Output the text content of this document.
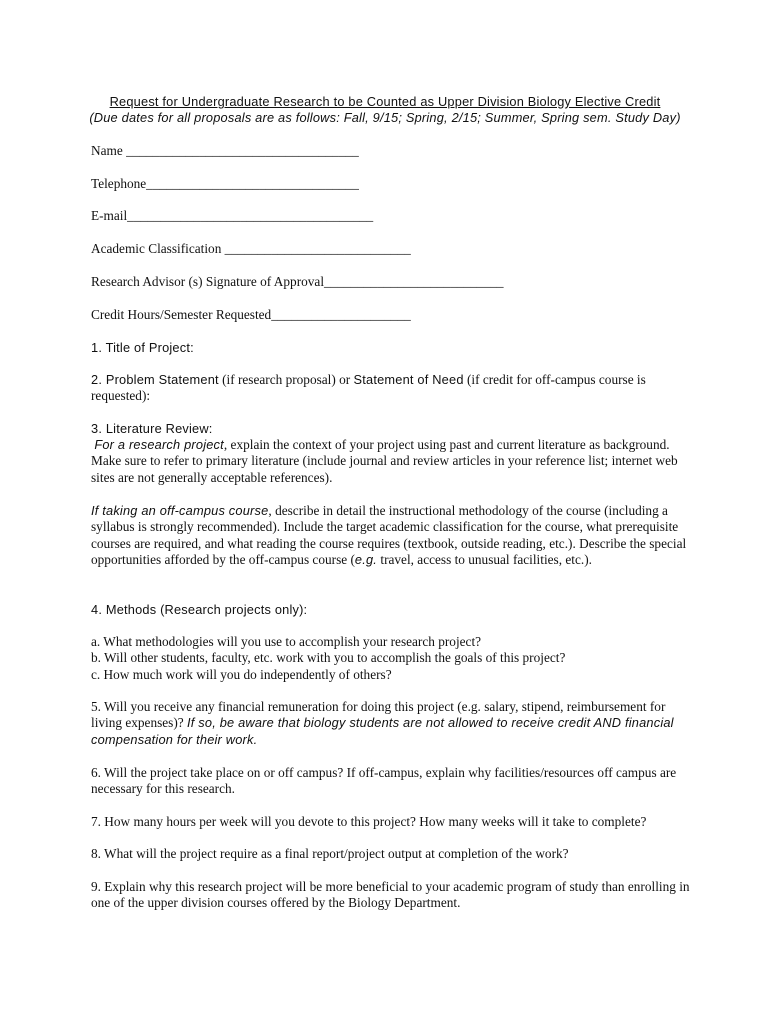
Request for Undergraduate Research to be Counted as Upper Division Biology Elective Credit
(Due dates for all proposals are as follows: Fall, 9/15; Spring, 2/15; Summer, Spring sem. Study Day)

Name ___________________________________

Telephone________________________________

E-mail_____________________________________

Academic Classification ____________________________

Research Advisor (s) Signature of Approval___________________________

Credit Hours/Semester Requested_____________________

1. Title of Project:

2. Problem Statement (if research proposal) or Statement of Need (if credit for off-campus course is requested):

3. Literature Review:

For a research project, explain the context of your project using past and current literature as background. Make sure to refer to primary literature (include journal and review articles in your reference list; internet web sites are not generally acceptable references).

If taking an off-campus course, describe in detail the instructional methodology of the course (including a syllabus is strongly recommended). Include the target academic classification for the course, what prerequisite courses are required, and what reading the course requires (textbook, outside reading, etc.). Describe the special opportunities afforded by the off-campus course (e.g. travel, access to unusual facilities, etc.).

4. Methods (Research projects only):

a. What methodologies will you use to accomplish your research project?

b. Will other students, faculty, etc. work with you to accomplish the goals of this project?

c. How much work will you do independently of others?

5. Will you receive any financial remuneration for doing this project (e.g. salary, stipend, reimbursement for living expenses)? If so, be aware that biology students are not allowed to receive credit AND financial compensation for their work.

6. Will the project take place on or off campus? If off-campus, explain why facilities/resources off campus are necessary for this research.

7. How many hours per week will you devote to this project? How many weeks will it take to complete?

8. What will the project require as a final report/project output at completion of the work?

9. Explain why this research project will be more beneficial to your academic program of study than enrolling in one of the upper division courses offered by the Biology Department.
